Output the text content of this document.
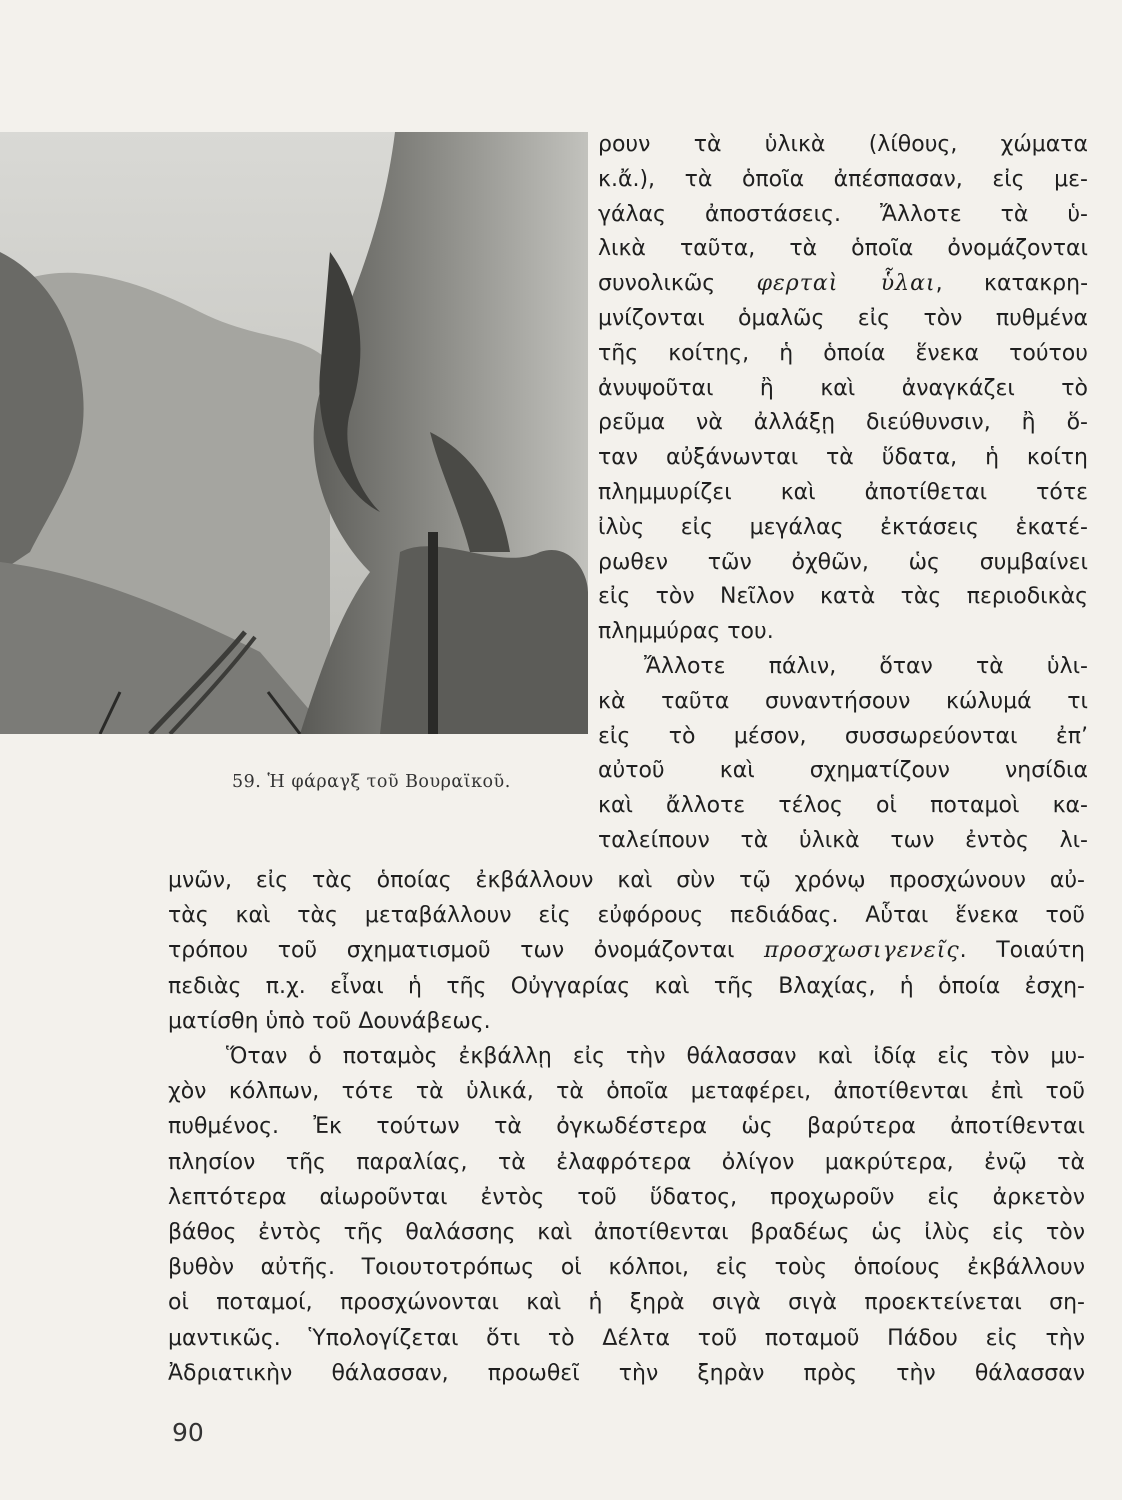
59. Ἡ φάραγξ τοῦ Βουραϊκοῦ.
ρουν τὰ ὑλικὰ (λίθους, χώματα
κ.ἄ.), τὰ ὁποῖα ἀπέσπασαν, εἰς με-
γάλας ἀποστάσεις. Ἄλλοτε τὰ ὑ-
λικὰ ταῦτα, τὰ ὁποῖα ὀνομάζονται
συνολικῶς φερταὶ ὗλαι, κατακρη-
μνίζονται ὁμαλῶς εἰς τὸν πυθμένα
τῆς κοίτης, ἡ ὁποία ἕνεκα τούτου
ἀνυψοῦται ἢ καὶ ἀναγκάζει τὸ
ρεῦμα νὰ ἀλλάξῃ διεύθυνσιν, ἢ ὅ-
ταν αὐξάνωνται τὰ ὕδατα, ἡ κοίτη
πλημμυρίζει καὶ ἀποτίθεται τότε
ἰλὺς εἰς μεγάλας ἐκτάσεις ἑκατέ-
ρωθεν τῶν ὀχθῶν, ὡς συμβαίνει
εἰς τὸν Νεῖλον κατὰ τὰς περιοδικὰς
πλημμύρας του.
Ἄλλοτε πάλιν, ὅταν τὰ ὑλι-
κὰ ταῦτα συναντήσουν κώλυμά τι
εἰς τὸ μέσον, συσσωρεύονται ἐπ’
αὐτοῦ καὶ σχηματίζουν νησίδια
καὶ ἄλλοτε τέλος οἱ ποταμοὶ κα-
ταλείπουν τὰ ὑλικὰ των ἐντὸς λι-
μνῶν, εἰς τὰς ὁποίας ἐκβάλλουν καὶ σὺν τῷ χρόνῳ προσχώνουν αὐ-
τὰς καὶ τὰς μεταβάλλουν εἰς εὐφόρους πεδιάδας. Αὗται ἕνεκα τοῦ
τρόπου τοῦ σχηματισμοῦ των ὀνομάζονται προσχωσιγενεῖς. Τοιαύτη
πεδιὰς π.χ. εἶναι ἡ τῆς Οὐγγαρίας καὶ τῆς Βλαχίας, ἡ ὁποία ἐσχη-
ματίσθη ὑπὸ τοῦ Δουνάβεως.
Ὅταν ὁ ποταμὸς ἐκβάλλῃ εἰς τὴν θάλασσαν καὶ ἰδίᾳ εἰς τὸν μυ-
χὸν κόλπων, τότε τὰ ὑλικά, τὰ ὁποῖα μεταφέρει, ἀποτίθενται ἐπὶ τοῦ
πυθμένος. Ἐκ τούτων τὰ ὀγκωδέστερα ὡς βαρύτερα ἀποτίθενται
πλησίον τῆς παραλίας, τὰ ἐλαφρότερα ὀλίγον μακρύτερα, ἐνῷ τὰ
λεπτότερα αἰωροῦνται ἐντὸς τοῦ ὕδατος, προχωροῦν εἰς ἀρκετὸν
βάθος ἐντὸς τῆς θαλάσσης καὶ ἀποτίθενται βραδέως ὡς ἰλὺς εἰς τὸν
βυθὸν αὐτῆς. Τοιουτοτρόπως οἱ κόλποι, εἰς τοὺς ὁποίους ἐκβάλλουν
οἱ ποταμοί, προσχώνονται καὶ ἡ ξηρὰ σιγὰ σιγὰ προεκτείνεται ση-
μαντικῶς. Ὑπολογίζεται ὅτι τὸ Δέλτα τοῦ ποταμοῦ Πάδου εἰς τὴν
Ἀδριατικὴν θάλασσαν, προωθεῖ τὴν ξηρὰν πρὸς τὴν θάλασσαν
90
